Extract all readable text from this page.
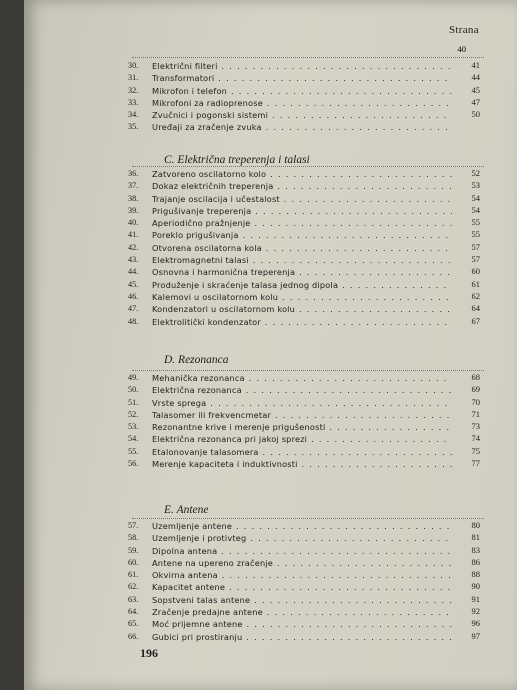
Strana
40
30.	Električni filteri . . .	41
31.	Transformatori . . .	44
32.	Mikrofon i telefon . . .	45
33.	Mikrofoni za radioprenose . . .	47
34.	Zvučnici i pogonski sistemi . . .	50
35.	Uređaji za zračenje zvuka . . .
C. Električna treperenja i talasi
36.	Zatvoreno oscilatorno kolo . . .	52
37.	Dokaz električnih treperenja . . .	53
38.	Trajanje oscilacija i učestalost . . .	54
39.	Prigušivanje treperenja . . .	54
40.	Aperiodično pražnjenje . . .	55
41.	Poreklo prigušivanja . . .	55
42.	Otvorena oscilatorna kola . . .	57
43.	Elektromagnetni talasi . . .	57
44.	Osnovna i harmonična treperenja . . .	60
45.	Produženje i skraćenje talasa jednog dipola . . .	61
46.	Kalemovi u oscilatornom kolu . . .	62
47.	Kondenzatori u oscilatornom kolu . . .	64
48.	Elektrolitički kondenzator . . .	67
D. Rezonanca
49.	Mehanička rezonanca . . .	68
50.	Električna rezonanca . . .	69
51.	Vrste sprega . . .	70
52.	Talasomer ili frekvencmetar . . .	71
53.	Rezonantne krive i merenje prigušenosti . . .	73
54.	Električna rezonanca pri jakoj sprezi . . .	74
55.	Etalonovanje talasomera . . .	75
56.	Merenje kapaciteta i induktivnosti . . .	77
E. Antene
57.	Uzemljenje antene . . .	80
58.	Uzemljenje i protivteg . . .	81
59.	Dipolna antena . . .	83
60.	Antene na upereno zračenje . . .	86
61.	Okvirna antena . . .	88
62.	Kapacitet antene . . .	90
63.	Sopstveni talas antene . . .	91
64.	Zračenje predajne antene . . .	92
65.	Moć prijemne antene . . .	96
66.	Gubici pri prostiranju . . .	97
196
